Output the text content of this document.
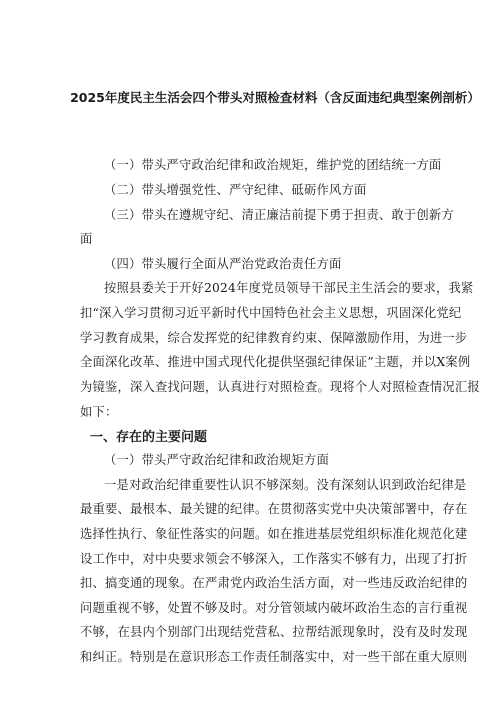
2025年度民主生活会四个带头对照检查材料（含反面违纪典型案例剖析）
（一）带头严守政治纪律和政治规矩，维护党的团结统一方面
（二）带头增强党性、严守纪律、砥砺作风方面
（三）带头在遵规守纪、清正廉洁前提下勇于担责、敢于创新方
面
（四）带头履行全面从严治党政治责任方面
按照县委关于开好2024年度党员领导干部民主生活会的要求，我紧
扣“深入学习贯彻习近平新时代中国特色社会主义思想，巩固深化党纪
学习教育成果，综合发挥党的纪律教育约束、保障激励作用，为进一步
全面深化改革、推进中国式现代化提供坚强纪律保证”主题，并以X案例
为镜鉴，深入查找问题，认真进行对照检查。现将个人对照检查情况汇报
如下：
一、存在的主要问题
（一）带头严守政治纪律和政治规矩方面
一是对政治纪律重要性认识不够深刻。没有深刻认识到政治纪律是
最重要、最根本、最关键的纪律。在贯彻落实党中央决策部署中，存在
选择性执行、象征性落实的问题。如在推进基层党组织标准化规范化建
设工作中，对中央要求领会不够深入，工作落实不够有力，出现了打折
扣、搞变通的现象。在严肃党内政治生活方面，对一些违反政治纪律的
问题重视不够，处置不够及时。对分管领域内破坏政治生态的言行重视
不够，在县内个别部门出现结党营私、拉帮结派现象时，没有及时发现
和纠正。特别是在意识形态工作责任制落实中，对一些干部在重大原则
